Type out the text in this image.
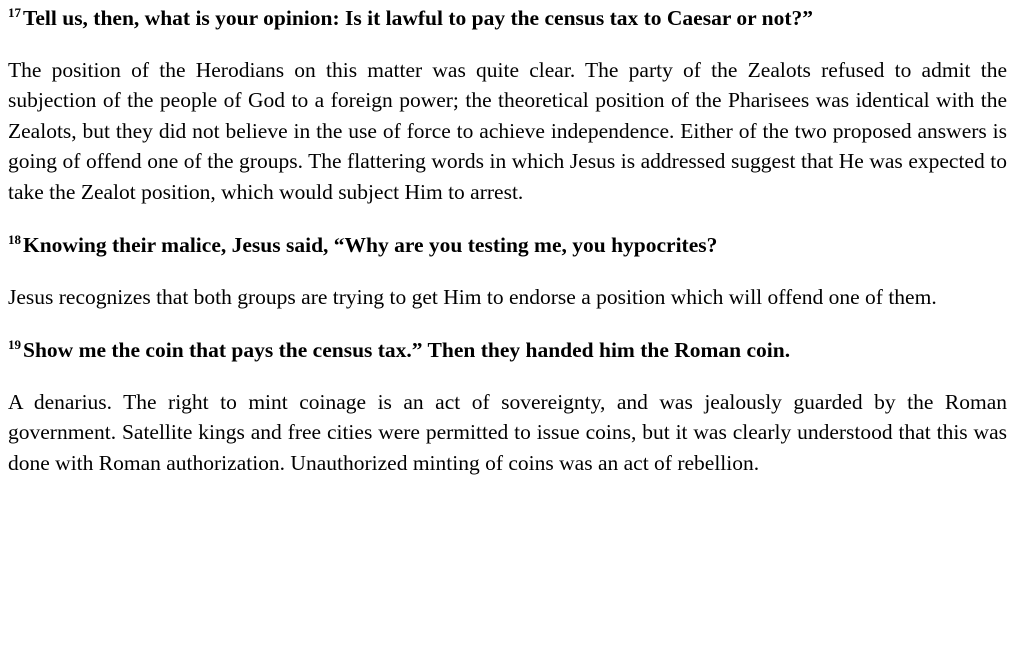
$^{17}$Tell us, then, what is your opinion: Is it lawful to pay the census tax to Caesar or not?”

The position of the Herodians on this matter was quite clear. The party of the Zealots refused to admit the subjection of the people of God to a foreign power; the theoretical position of the Pharisees was identical with the Zealots, but they did not believe in the use of force to achieve independence. Either of the two proposed answers is going of offend one of the groups. The flattering words in which Jesus is addressed suggest that He was expected to take the Zealot position, which would subject Him to arrest.

$^{18}$Knowing their malice, Jesus said, “Why are you testing me, you hypocrites?

Jesus recognizes that both groups are trying to get Him to endorse a position which will offend one of them.

$^{19}$Show me the coin that pays the census tax.” Then they handed him the Roman coin.

A denarius. The right to mint coinage is an act of sovereignty, and was jealously guarded by the Roman government. Satellite kings and free cities were permitted to issue coins, but it was clearly understood that this was done with Roman authorization. Unauthorized minting of coins was an act of rebellion.
